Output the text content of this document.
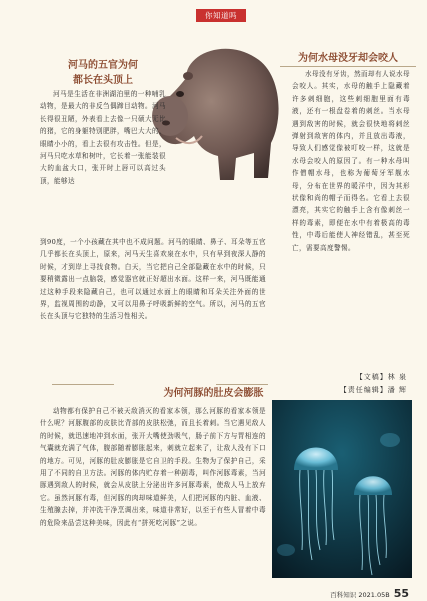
你知道吗
河马的五官为何
都长在头顶上
河马是生活在非洲湖泊里的一种哺乳动物，是最大的非反刍偶蹄目动物。河马长得很丑陋，外表看上去像一只硕大无比的猪，它的身躯特别肥胖，嘴巴大大的，眼睛小小的，看上去很有攻击性。但是，河马只吃水草和树叶，它长着一张能装很大的血盆大口，张开时上唇可以高过头顶，能够达
到90度，一个小孩藏在其中也不成问题。河马的眼睛、鼻子、耳朵等五官几乎都长在头顶上，原来，河马天生喜欢泉在水中，只有早到夜深人静的时候，才到岸上寻找食物。白天，当它把自己全部隐藏在水中的时候，只要稍微露出一点脑袋，感觉器官就正好超出水面。这样一来，河马既能通过这种手段来隐藏自己，也可以通过水面上的眼睛和耳朵关注外面的世界，监视周围的动静，又可以用鼻子呼吸新鲜的空气。所以，河马的五官长在头顶与它独特的生活习性相关。
为何水母没牙却会咬人
水母没有牙齿，然而却有人说水母会咬人。其实，水母的触手上隐藏着许多刺细胞，这些刺细胞里面有毒液，还有一根盘卷着的刺丝。当水母遇到敌害的时候，就会很快地将刺丝弹射到敌害的体内，并且放出毒液，导致人们感觉像被叮咬一样，这就是水母会咬人的原因了。有一种水母叫作僧帽水母，也称为葡萄牙军舰水母，分布在世界的暖洋中，因为其形状像和尚的帽子而得名。它看上去很漂亮，其实它的触手上含有像刺丝一样的毒素，即便在水中有着极高的毒性，中毒后能使人神经错乱，甚至死亡，需要高度警惕。
【文稿】林 泉
【责任编辑】潘 辉
为何河豚的肚皮会膨胀
动物都有保护自己不被天敌消灭的看家本领，那么河豚的看家本领是什么呢？河豚腹部的皮肤比背部的皮肤松弛，而且长着刺。当它遇见敌人的时候，就迅速地冲到水面，张开大嘴使劲吸气，肠子前下方与胃相连的气囊就充满了气体，腹部随着膨胀起来，刺就立起来了，让敌人没有下口的地方。可见，河豚的肚皮膨胀是它自卫的手段。生物为了保护自己，采用了不同的自卫方法。河豚的体内贮存着一种剧毒，叫作河豚毒素，当河豚遇到敌人的时候，就会从皮肤上分泌出许多河豚毒素，使敌人马上放弃它。虽然河豚有毒，但河豚的肉却味道鲜美，人们把河豚的内脏、血液、生殖腺去掉，并冲洗干净烹调出来，味道非常好，以至于有些人冒着中毒的危险来品尝这种美味，因此有“拼死吃河豚”之说。
百科知识 2021.05B 55
